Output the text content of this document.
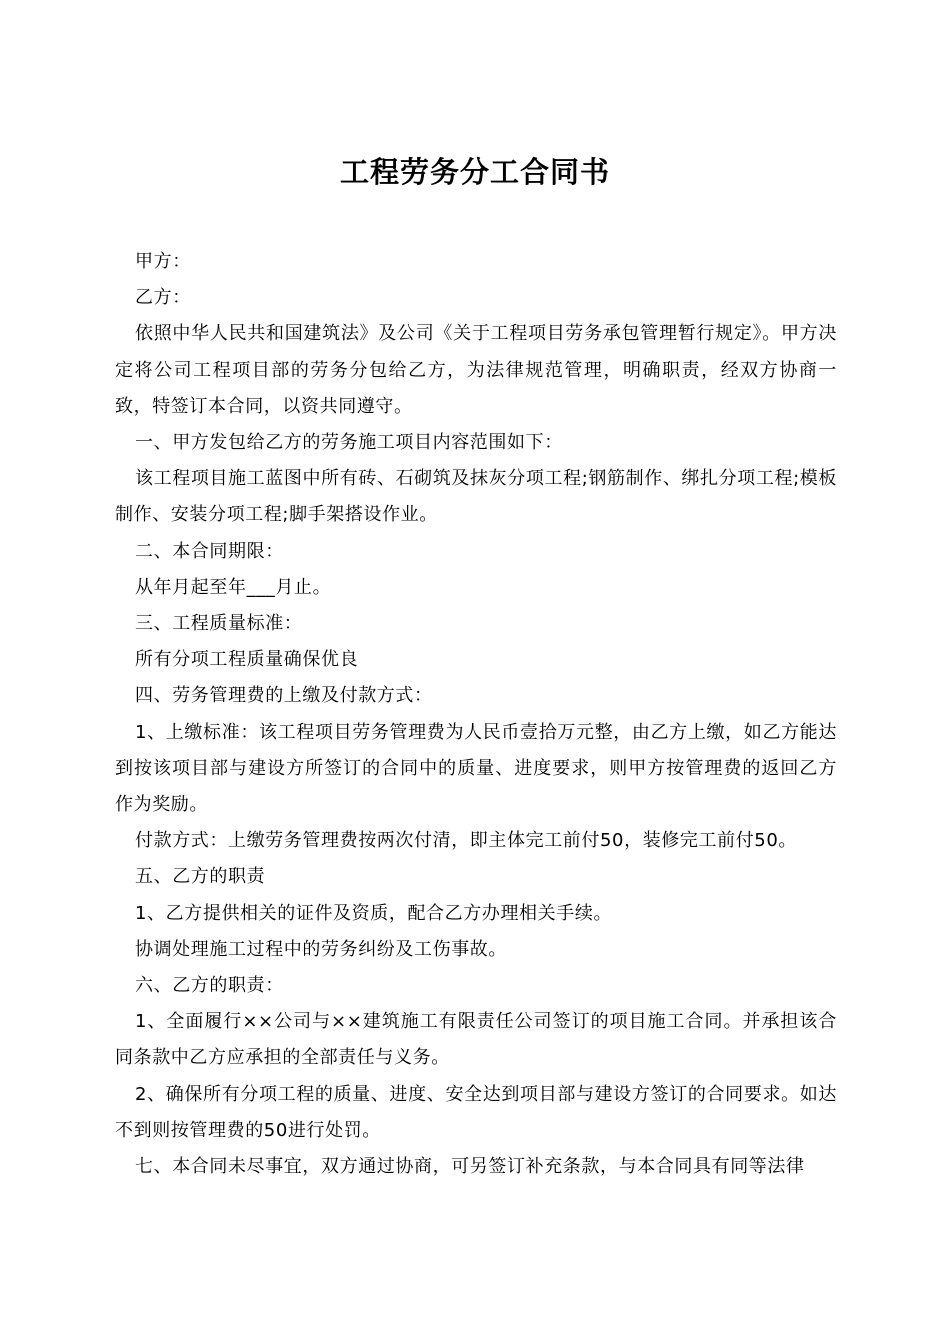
工程劳务分工合同书

甲方：

乙方：

依照中华人民共和国建筑法》及公司《关于工程项目劳务承包管理暂行规定》。甲方决定将公司工程项目部的劳务分包给乙方，为法律规范管理，明确职责，经双方协商一致，特签订本合同，以资共同遵守。

一、甲方发包给乙方的劳务施工项目内容范围如下：

该工程项目施工蓝图中所有砖、石砌筑及抹灰分项工程;钢筋制作、绑扎分项工程;模板制作、安装分项工程;脚手架搭设作业。

二、本合同期限：

从年月起至年___月止。

三、工程质量标准：

所有分项工程质量确保优良

四、劳务管理费的上缴及付款方式：

1、上缴标准：该工程项目劳务管理费为人民币壹拾万元整，由乙方上缴，如乙方能达到按该项目部与建设方所签订的合同中的质量、进度要求，则甲方按管理费的返回乙方作为奖励。

付款方式：上缴劳务管理费按两次付清，即主体完工前付50，装修完工前付50。

五、乙方的职责

1、乙方提供相关的证件及资质，配合乙方办理相关手续。

协调处理施工过程中的劳务纠纷及工伤事故。

六、乙方的职责：

1、全面履行××公司与××建筑施工有限责任公司签订的项目施工合同。并承担该合同条款中乙方应承担的全部责任与义务。

2、确保所有分项工程的质量、进度、安全达到项目部与建设方签订的合同要求。如达不到则按管理费的50进行处罚。

七、本合同未尽事宜，双方通过协商，可另签订补充条款，与本合同具有同等法律
